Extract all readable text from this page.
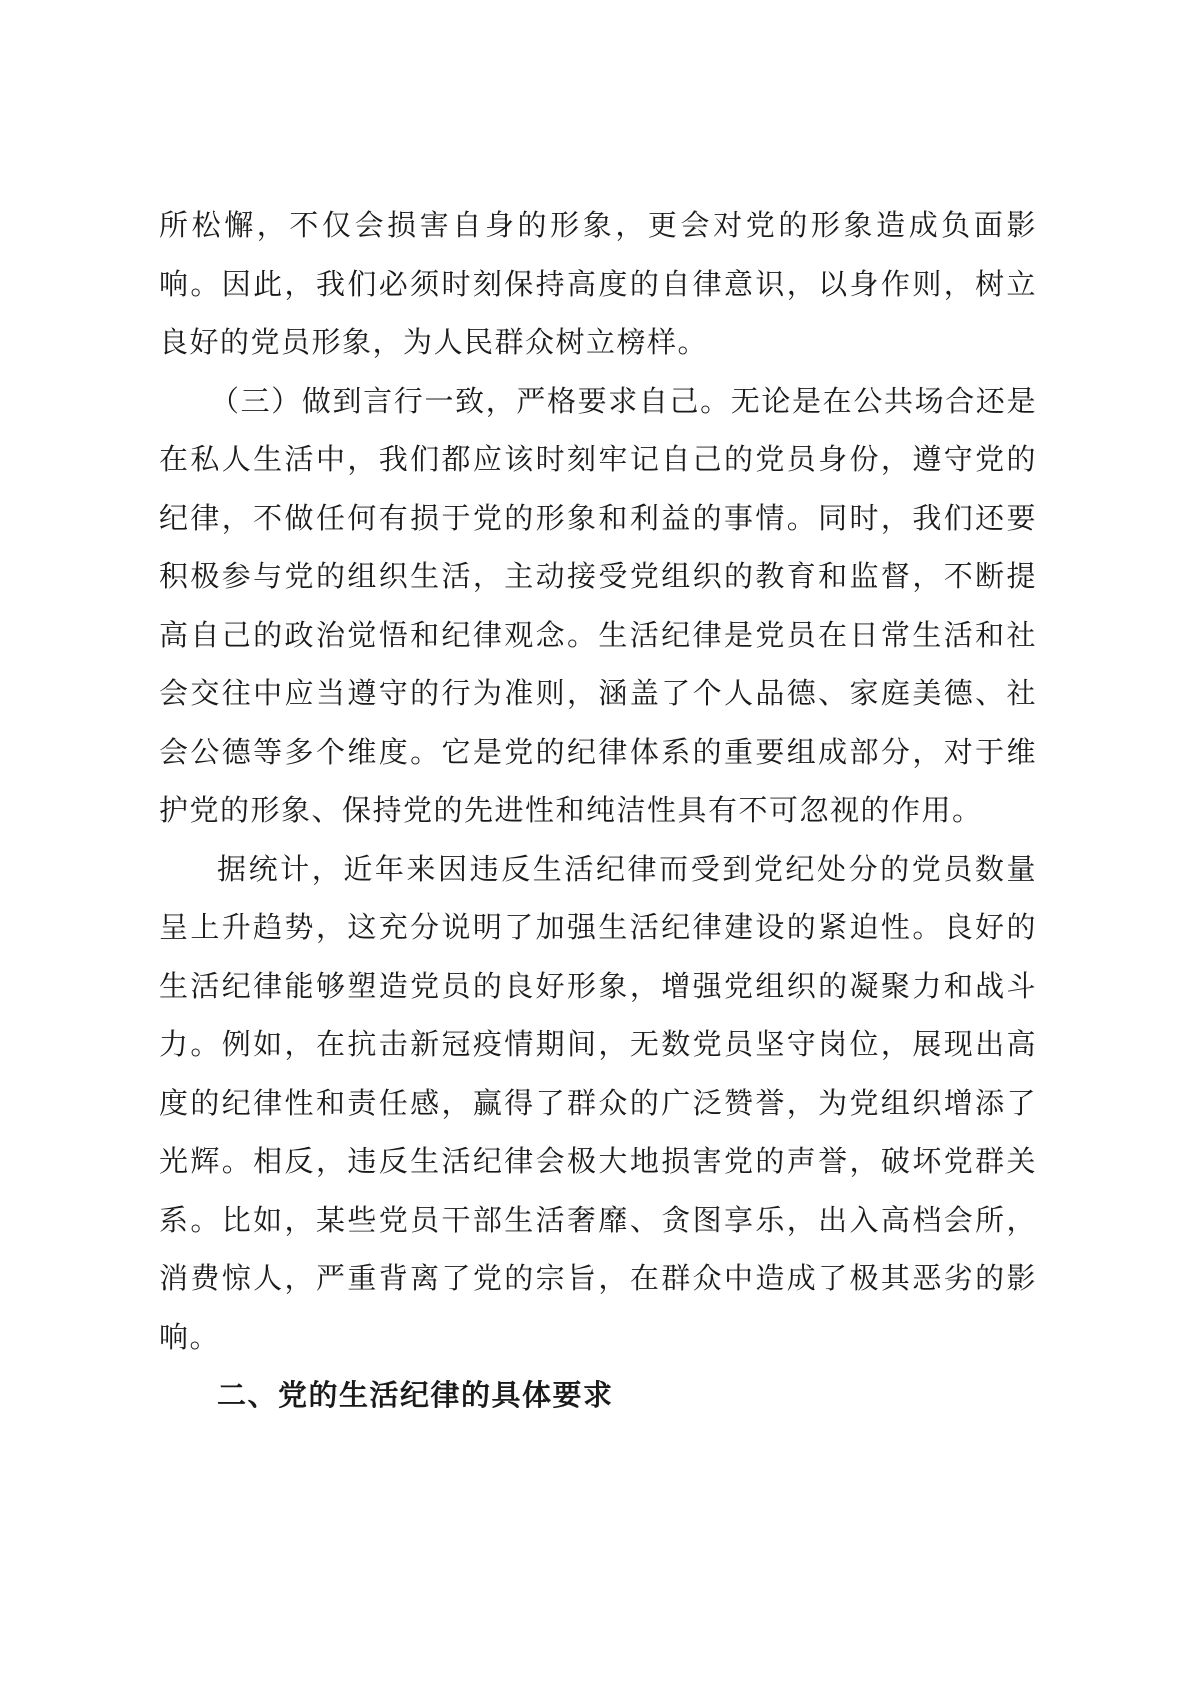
所松懈，不仅会损害自身的形象，更会对党的形象造成负面影响。因此，我们必须时刻保持高度的自律意识，以身作则，树立良好的党员形象，为人民群众树立榜样。

（三）做到言行一致，严格要求自己。无论是在公共场合还是在私人生活中，我们都应该时刻牢记自己的党员身份，遵守党的纪律，不做任何有损于党的形象和利益的事情。同时，我们还要积极参与党的组织生活，主动接受党组织的教育和监督，不断提高自己的政治觉悟和纪律观念。生活纪律是党员在日常生活和社会交往中应当遵守的行为准则，涵盖了个人品德、家庭美德、社会公德等多个维度。它是党的纪律体系的重要组成部分，对于维护党的形象、保持党的先进性和纯洁性具有不可忽视的作用。

据统计，近年来因违反生活纪律而受到党纪处分的党员数量呈上升趋势，这充分说明了加强生活纪律建设的紧迫性。良好的生活纪律能够塑造党员的良好形象，增强党组织的凝聚力和战斗力。例如，在抗击新冠疫情期间，无数党员坚守岗位，展现出高度的纪律性和责任感，赢得了群众的广泛赞誉，为党组织增添了光辉。相反，违反生活纪律会极大地损害党的声誉，破坏党群关系。比如，某些党员干部生活奢靡、贪图享乐，出入高档会所，消费惊人，严重背离了党的宗旨，在群众中造成了极其恶劣的影响。

二、党的生活纪律的具体要求
